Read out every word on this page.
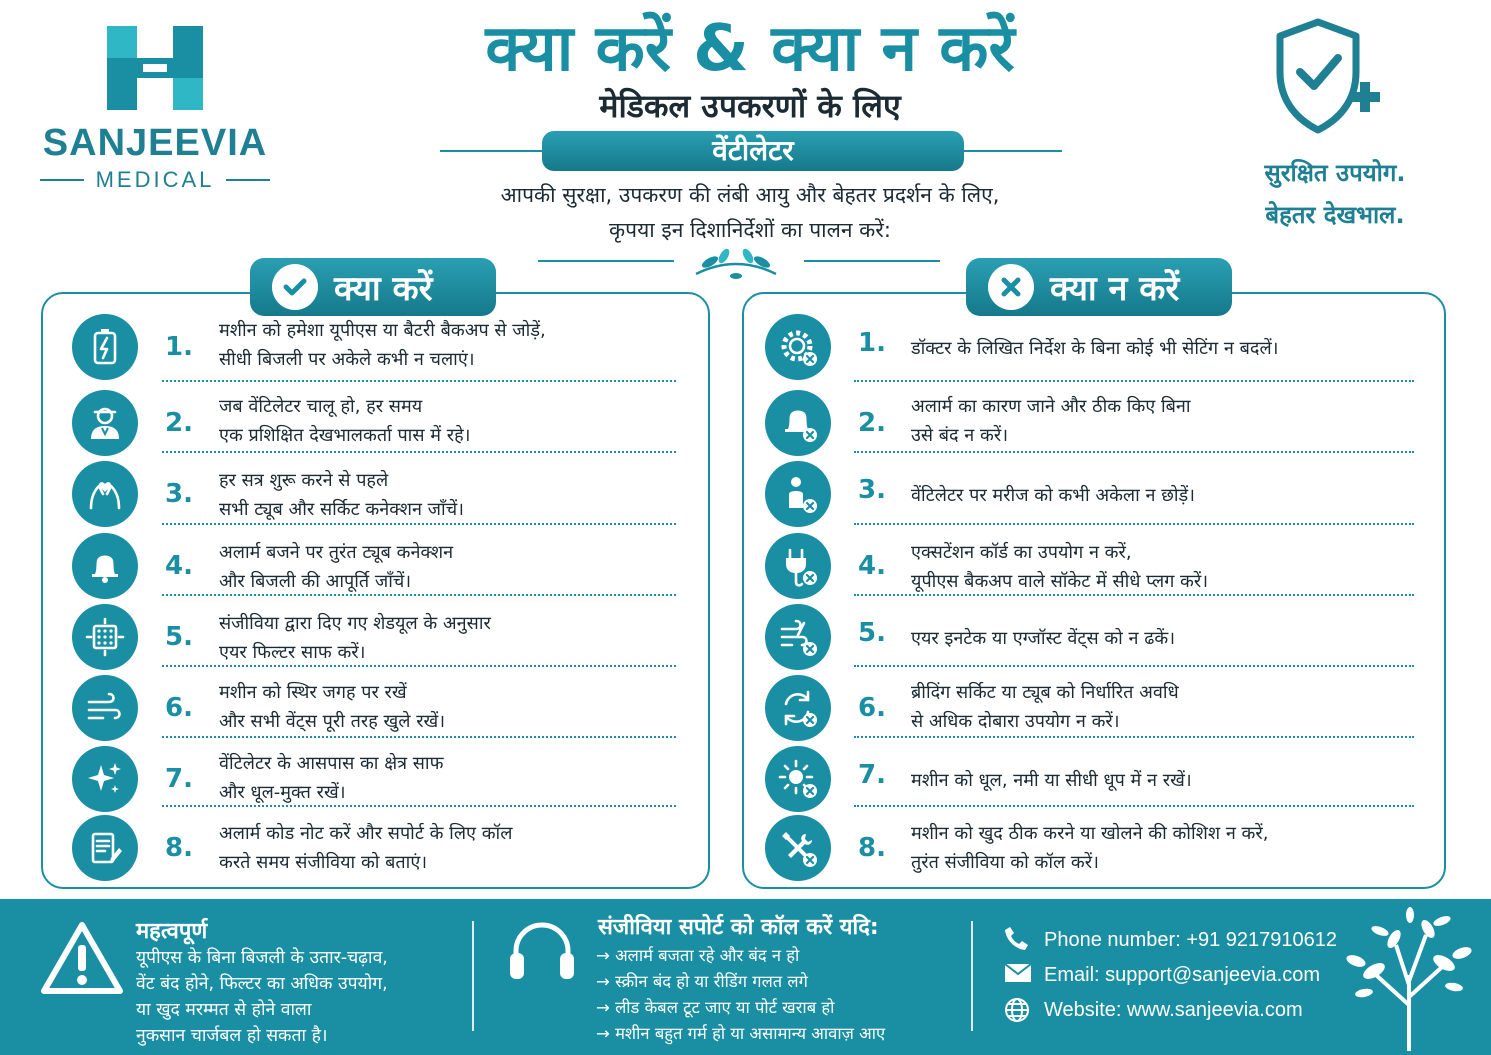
SANJEEVIA
MEDICAL
क्या करें & क्या न करें
मेडिकल उपकरणों के लिए
वेंटीलेटर
आपकी सुरक्षा, उपकरण की लंबी आयु और बेहतर प्रदर्शन के लिए,
कृपया इन दिशानिर्देशों का पालन करें:
सुरक्षित उपयोग.
बेहतर देखभाल.
क्या करें	क्या न करें
1.
मशीन को हमेशा यूपीएस या बैटरी बैकअप से जोड़ें,
सीधी बिजली पर अकेले कभी न चलाएं।
2.
जब वेंटिलेटर चालू हो, हर समय
एक प्रशिक्षित देखभालकर्ता पास में रहे।
3. हर सत्र शुरू करने से पहले
सभी ट्यूब और सर्किट कनेक्शन जाँचें।
4. अलार्म बजने पर तुरंत ट्यूब कनेक्शन
और बिजली की आपूर्ति जाँचें।
5. संजीविया द्वारा दिए गए शेडयूल के अनुसार
एयर फिल्टर साफ करें।
6.
मशीन को स्थिर जगह पर रखें
और सभी वेंट्स पूरी तरह खुले रखें।
7.
वेंटिलेटर के आसपास का क्षेत्र साफ
और धूल-मुक्त रखें।
8. अलार्म कोड नोट करें और सपोर्ट के लिए कॉल
करते समय संजीविया को बताएं।
1. डॉक्टर के लिखित निर्देश के बिना कोई भी सेटिंग न बदलें।
2.
अलार्म का कारण जाने और ठीक किए बिना
उसे बंद न करें।
3. वेंटिलेटर पर मरीज को कभी अकेला न छोड़ें।
4. एक्सटेंशन कॉर्ड का उपयोग न करें,
यूपीएस बैकअप वाले सॉकेट में सीधे प्लग करें।
5. एयर इनटेक या एग्जॉस्ट वेंट्स को न ढकें।
6.
ब्रीदिंग सर्किट या ट्यूब को निर्धारित अवधि
से अधिक दोबारा उपयोग न करें।
7. मशीन को धूल, नमी या सीधी धूप में न रखें।
8. मशीन को खुद ठीक करने या खोलने की कोशिश न करें,
तुरंत संजीविया को कॉल करें।
महत्वपूर्ण
यूपीएस के बिना बिजली के उतार-चढ़ाव,
वेंट बंद होने, फिल्टर का अधिक उपयोग,
या खुद मरम्मत से होने वाला
नुकसान चार्जबल हो सकता है।
संजीविया सपोर्ट को कॉल करें यदि:
→ अलार्म बजता रहे और बंद न हो
→ स्क्रीन बंद हो या रीडिंग गलत लगे
→ लीड केबल टूट जाए या पोर्ट खराब हो
→ मशीन बहुत गर्म हो या असामान्य आवाज़ आए
Phone number: +91 9217910612
Email: support@sanjeevia.com
Website: www.sanjeevia.com
